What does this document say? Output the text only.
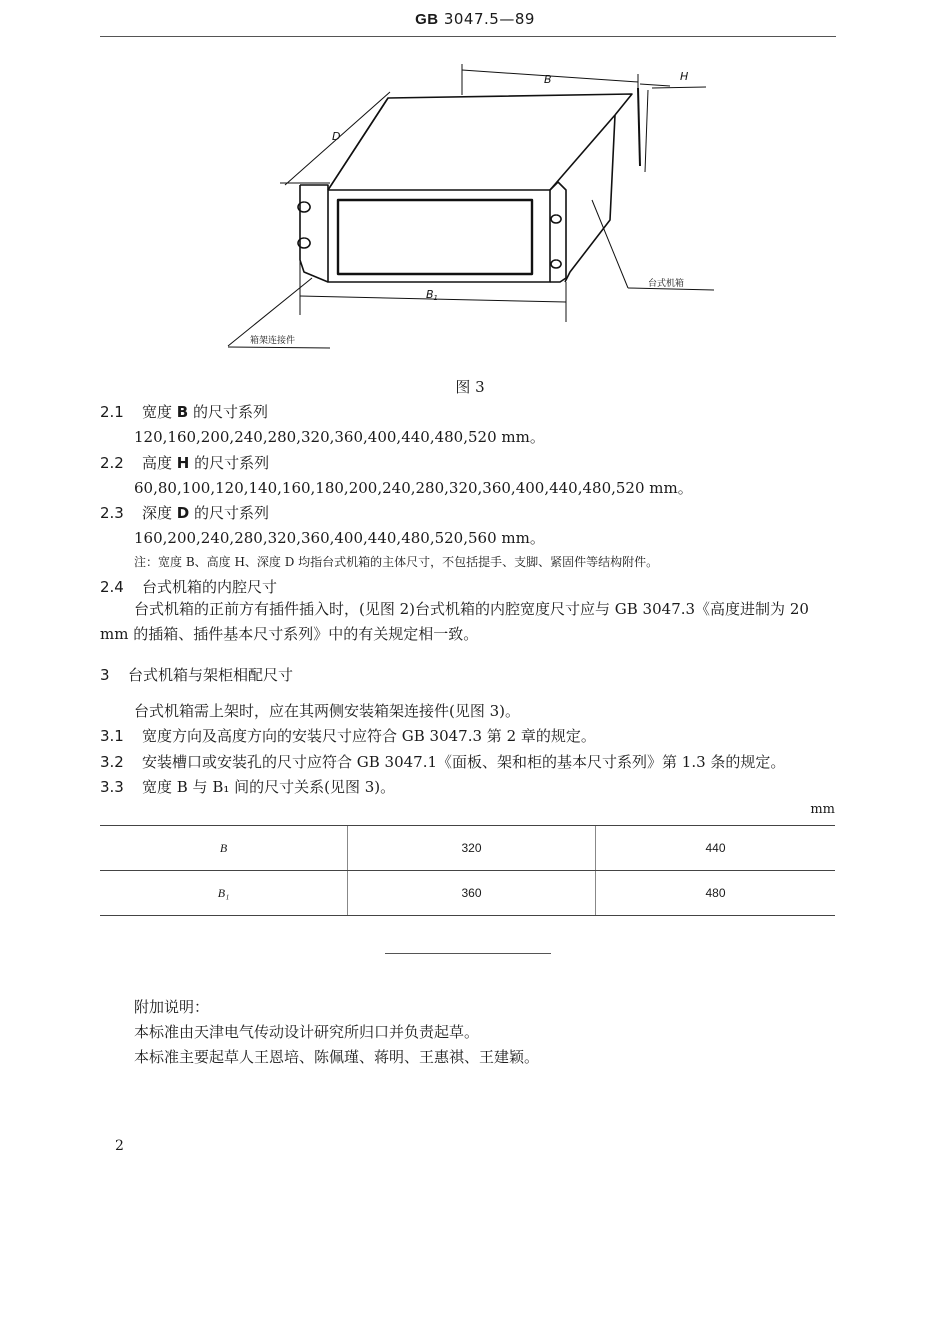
GB 3047.5—89
B	H
D
B1
台式机箱
箱架连接件
图 3
2.1 宽度 B 的尺寸系列
120,160,200,240,280,320,360,400,440,480,520 mm。
2.2 高度 H 的尺寸系列
60,80,100,120,140,160,180,200,240,280,320,360,400,440,480,520 mm。
2.3 深度 D 的尺寸系列
160,200,240,280,320,360,400,440,480,520,560 mm。
注：宽度 B、高度 H、深度 D 均指台式机箱的主体尺寸，不包括提手、支脚、紧固件等结构附件。
2.4 台式机箱的内腔尺寸
台式机箱的正前方有插件插入时，(见图 2)台式机箱的内腔宽度尺寸应与 GB 3047.3《高度进制为 20 mm 的插箱、插件基本尺寸系列》中的有关规定相一致。
3 台式机箱与架柜相配尺寸
台式机箱需上架时，应在其两侧安装箱架连接件(见图 3)。
3.1 宽度方向及高度方向的安装尺寸应符合 GB 3047.3 第 2 章的规定。
3.2 安装槽口或安装孔的尺寸应符合 GB 3047.1《面板、架和柜的基本尺寸系列》第 1.3 条的规定。
3.3 宽度 B 与 B₁ 间的尺寸关系(见图 3)。
mm
B	320	440
B₁	360	480
附加说明：
本标准由天津电气传动设计研究所归口并负责起草。
本标准主要起草人王恩培、陈佩瑾、蒋明、王惠祺、王建颖。
2
